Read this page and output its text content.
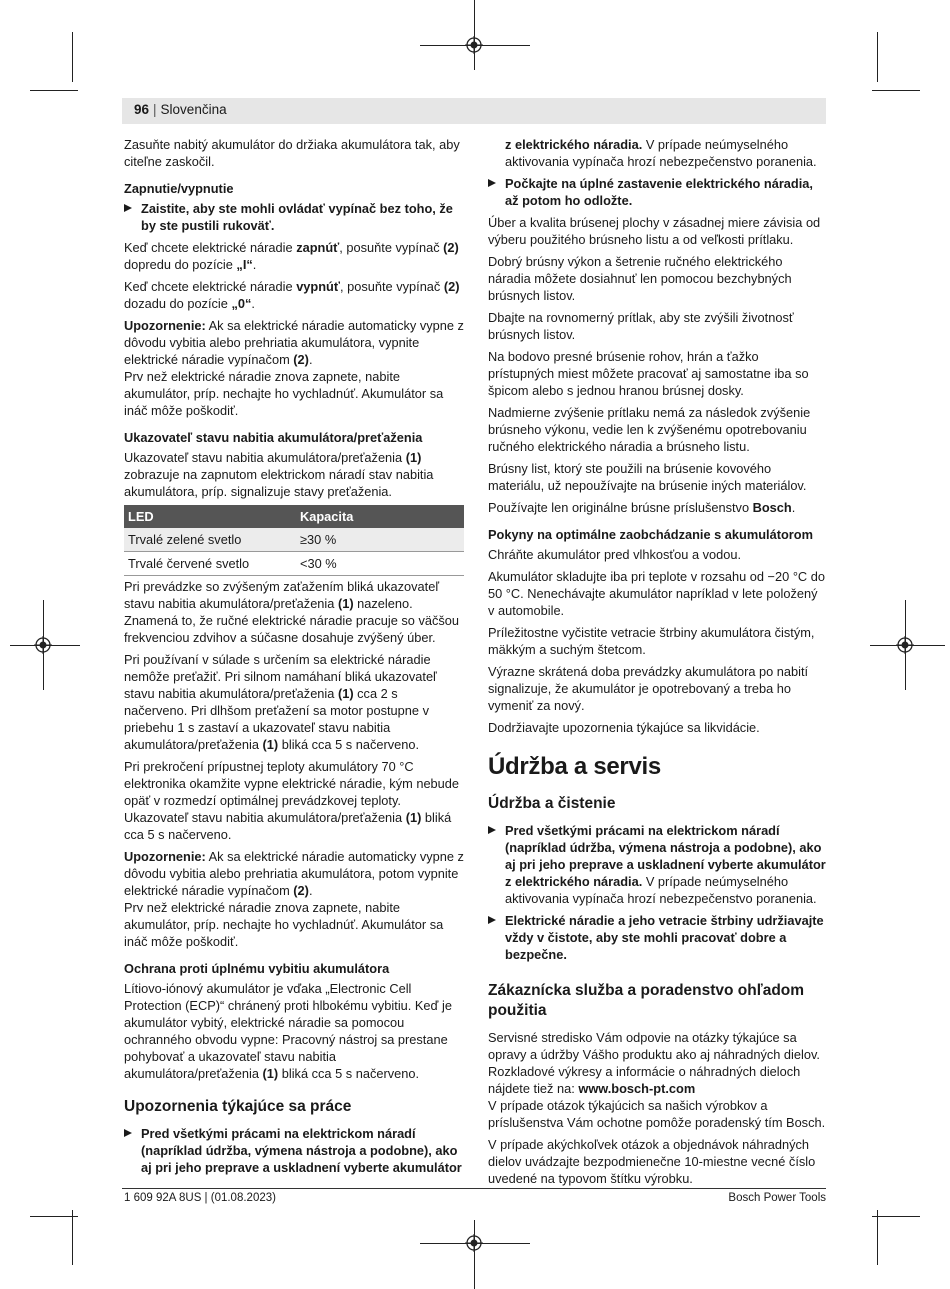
96 | Slovenčina

Zasuňte nabitý akumulátor do držiaka akumulátora tak, aby citeľne zaskočil.

Zapnutie/vypnutie
Zaistite, aby ste mohli ovládať vypínač bez toho, že by ste pustili rukoväť.

Keď chcete elektrické náradie zapnúť, posuňte vypínač (2) dopredu do pozície „I“.

Keď chcete elektrické náradie vypnúť, posuňte vypínač (2) dozadu do pozície „0“.

Upozornenie: Ak sa elektrické náradie automaticky vypne z dôvodu vybitia alebo prehriatia akumulátora, vypnite elektrické náradie vypínačom (2).

Prv než elektrické náradie znova zapnete, nabite akumulátor, príp. nechajte ho vychladnúť. Akumulátor sa ináč môže poškodiť.

Ukazovateľ stavu nabitia akumulátora/preťaženia

Ukazovateľ stavu nabitia akumulátora/preťaženia (1) zobrazuje na zapnutom elektrickom náradí stav nabitia akumulátora, príp. signalizuje stavy preťaženia.

LED	Kapacita
Trvalé zelené svetlo	≥30 %
Trvalé červené svetlo	<30 %

Pri prevádzke so zvýšeným zaťažením bliká ukazovateľ stavu nabitia akumulátora/preťaženia (1) nazeleno. Znamená to, že ručné elektrické náradie pracuje so väčšou frekvenciou zdvihov a súčasne dosahuje zvýšený úber.

Pri používaní v súlade s určením sa elektrické náradie nemôže preťažiť. Pri silnom namáhaní bliká ukazovateľ stavu nabitia akumulátora/preťaženia (1) cca 2 s načerveno. Pri dlhšom preťažení sa motor postupne v priebehu 1 s zastaví a ukazovateľ stavu nabitia akumulátora/preťaženia (1) bliká cca 5 s načerveno.

Pri prekročení prípustnej teploty akumulátory 70 °C elektronika okamžite vypne elektrické náradie, kým nebude opäť v rozmedzí optimálnej prevádzkovej teploty. Ukazovateľ stavu nabitia akumulátora/preťaženia (1) bliká cca 5 s načerveno.

Upozornenie: Ak sa elektrické náradie automaticky vypne z dôvodu vybitia alebo prehriatia akumulátora, potom vypnite elektrické náradie vypínačom (2).

Prv než elektrické náradie znova zapnete, nabite akumulátor, príp. nechajte ho vychladnúť. Akumulátor sa ináč môže poškodiť.

Ochrana proti úplnému vybitiu akumulátora

Lítiovo-iónový akumulátor je vďaka „Electronic Cell Protection (ECP)“ chránený proti hlbokému vybitiu. Keď je akumulátor vybitý, elektrické náradie sa pomocou ochranného obvodu vypne: Pracovný nástroj sa prestane pohybovať a ukazovateľ stavu nabitia akumulátora/preťaženia (1) bliká cca 5 s načerveno.

Upozornenia týkajúce sa práce
Pred všetkými prácami na elektrickom náradí (napríklad údržba, výmena nástroja a podobne), ako aj pri jeho preprave a uskladnení vyberte akumulátor

z elektrického náradia. V prípade neúmyselného aktivovania vypínača hrozí nebezpečenstvo poranenia.

Počkajte na úplné zastavenie elektrického náradia, až potom ho odložte.

Úber a kvalita brúsenej plochy v zásadnej miere závisia od výberu použitého brúsneho listu a od veľkosti prítlaku.

Dobrý brúsny výkon a šetrenie ručného elektrického náradia môžete dosiahnuť len pomocou bezchybných brúsnych listov.

Dbajte na rovnomerný prítlak, aby ste zvýšili životnosť brúsnych listov.

Na bodovo presné brúsenie rohov, hrán a ťažko prístupných miest môžete pracovať aj samostatne iba so špicom alebo s jednou hranou brúsnej dosky.

Nadmierne zvýšenie prítlaku nemá za následok zvýšenie brúsneho výkonu, vedie len k zvýšenému opotrebovaniu ručného elektrického náradia a brúsneho listu.

Brúsny list, ktorý ste použili na brúsenie kovového materiálu, už nepoužívajte na brúsenie iných materiálov.

Používajte len originálne brúsne príslušenstvo Bosch.

Pokyny na optimálne zaobchádzanie s akumulátorom

Chráňte akumulátor pred vlhkosťou a vodou.

Akumulátor skladujte iba pri teplote v rozsahu od −20 °C do 50 °C. Nenechávajte akumulátor napríklad v lete položený v automobile.

Príležitostne vyčistite vetracie štrbiny akumulátora čistým, mäkkým a suchým štetcom.

Výrazne skrátená doba prevádzky akumulátora po nabití signalizuje, že akumulátor je opotrebovaný a treba ho vymeniť za nový.

Dodržiavajte upozornenia týkajúce sa likvidácie.

Údržba a servis
Údržba a čistenie
Pred všetkými prácami na elektrickom náradí (napríklad údržba, výmena nástroja a podobne), ako aj pri jeho preprave a uskladnení vyberte akumulátor z elektrického náradia. V prípade neúmyselného aktivovania vypínača hrozí nebezpečenstvo poranenia.
Elektrické náradie a jeho vetracie štrbiny udržiavajte vždy v čistote, aby ste mohli pracovať dobre a bezpečne.
Zákaznícka služba a poradenstvo ohľadom použitia

Servisné stredisko Vám odpovie na otázky týkajúce sa opravy a údržby Vášho produktu ako aj náhradných dielov. Rozkladové výkresy a informácie o náhradných dieloch nájdete tiež na: www.bosch-pt.com

V prípade otázok týkajúcich sa našich výrobkov a príslušenstva Vám ochotne pomôže poradenský tím Bosch.

V prípade akýchkoľvek otázok a objednávok náhradných dielov uvádzajte bezpodmienečne 10-miestne vecné číslo uvedené na typovom štítku výrobku.

1 609 92A 8US | (01.08.2023)	Bosch Power Tools
